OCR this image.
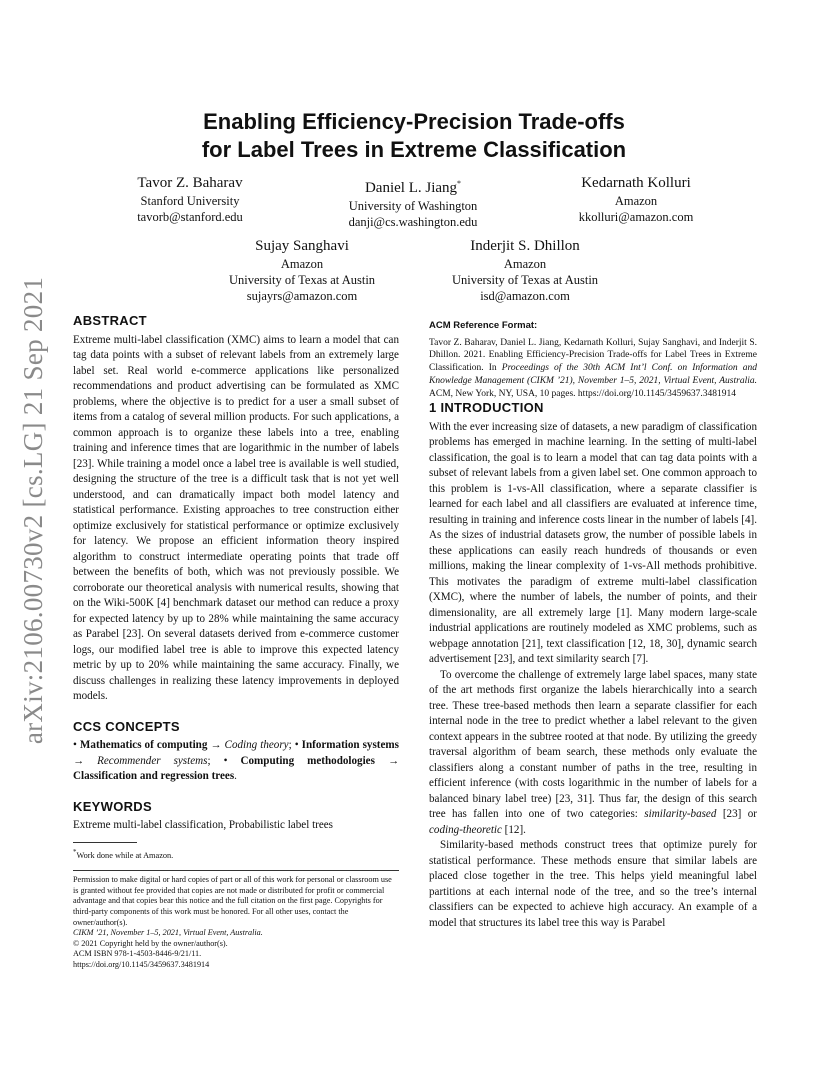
arXiv:2106.00730v2 [cs.LG] 21 Sep 2021
Enabling Efficiency-Precision Trade-offs
for Label Trees in Extreme Classification
Tavor Z. Baharav
Stanford University
tavorb@stanford.edu
Daniel L. Jiang*
University of Washington
danji@cs.washington.edu
Kedarnath Kolluri
Amazon
kkolluri@amazon.com
Sujay Sanghavi
Amazon
University of Texas at Austin
sujayrs@amazon.com
Inderjit S. Dhillon
Amazon
University of Texas at Austin
isd@amazon.com
ABSTRACT

Extreme multi-label classification (XMC) aims to learn a model that can tag data points with a subset of relevant labels from an extremely large label set. Real world e-commerce applications like personalized recommendations and product advertising can be formulated as XMC problems, where the objective is to predict for a user a small subset of items from a catalog of several million products. For such applications, a common approach is to organize these labels into a tree, enabling training and inference times that are logarithmic in the number of labels [23]. While training a model once a label tree is available is well studied, designing the structure of the tree is a difficult task that is not yet well understood, and can dramatically impact both model latency and statistical performance. Existing approaches to tree construction either optimize exclusively for statistical performance or optimize exclusively for latency. We propose an efficient information theory inspired algorithm to construct intermediate operating points that trade off between the benefits of both, which was not previously possible. We corroborate our theoretical analysis with numerical results, showing that on the Wiki-500K [4] benchmark dataset our method can reduce a proxy for expected latency by up to 28% while maintaining the same accuracy as Parabel [23]. On several datasets derived from e-commerce customer logs, our modified label tree is able to improve this expected latency metric by up to 20% while maintaining the same accuracy. Finally, we discuss challenges in realizing these latency improvements in deployed models.

CCS CONCEPTS

• Mathematics of computing → Coding theory; • Information systems → Recommender systems; • Computing methodologies → Classification and regression trees.

KEYWORDS

Extreme multi-label classification, Probabilistic label trees

*Work done while at Amazon.

Permission to make digital or hard copies of part or all of this work for personal or classroom use is granted without fee provided that copies are not made or distributed for profit or commercial advantage and that copies bear this notice and the full citation on the first page. Copyrights for third-party components of this work must be honored. For all other uses, contact the owner/author(s).

CIKM ’21, November 1–5, 2021, Virtual Event, Australia.

© 2021 Copyright held by the owner/author(s).

ACM ISBN 978-1-4503-8446-9/21/11.

https://doi.org/10.1145/3459637.3481914

ACM Reference Format:

Tavor Z. Baharav, Daniel L. Jiang, Kedarnath Kolluri, Sujay Sanghavi, and Inderjit S. Dhillon. 2021. Enabling Efficiency-Precision Trade-offs for Label Trees in Extreme Classification. In Proceedings of the 30th ACM Int’l Conf. on Information and Knowledge Management (CIKM ’21), November 1–5, 2021, Virtual Event, Australia. ACM, New York, NY, USA, 10 pages. https://doi.org/10.1145/3459637.3481914

1 INTRODUCTION

With the ever increasing size of datasets, a new paradigm of classification problems has emerged in machine learning. In the setting of multi-label classification, the goal is to learn a model that can tag data points with a subset of relevant labels from a given label set. One common approach to this problem is 1-vs-All classification, where a separate classifier is learned for each label and all classifiers are evaluated at inference time, resulting in training and inference costs linear in the number of labels [4]. As the sizes of industrial datasets grow, the number of possible labels in these applications can easily reach hundreds of thousands or even millions, making the linear complexity of 1-vs-All methods prohibitive. This motivates the paradigm of extreme multi-label classification (XMC), where the number of labels, the number of points, and their dimensionality, are all extremely large [1]. Many modern large-scale industrial applications are routinely modeled as XMC problems, such as webpage annotation [21], text classification [12, 18, 30], dynamic search advertisement [23], and text similarity search [7].

To overcome the challenge of extremely large label spaces, many state of the art methods first organize the labels hierarchically into a search tree. These tree-based methods then learn a separate classifier for each internal node in the tree to predict whether a label relevant to the given context appears in the subtree rooted at that node. By utilizing the greedy traversal algorithm of beam search, these methods only evaluate the classifiers along a constant number of paths in the tree, resulting in efficient inference (with costs logarithmic in the number of labels for a balanced binary label tree) [23, 31]. Thus far, the design of this search tree has fallen into one of two categories: similarity-based [23] or coding-theoretic [12].

Similarity-based methods construct trees that optimize purely for statistical performance. These methods ensure that similar labels are placed close together in the tree. This helps yield meaningful label partitions at each internal node of the tree, and so the tree’s internal classifiers can be expected to achieve high accuracy. An example of a model that structures its label tree this way is Parabel
